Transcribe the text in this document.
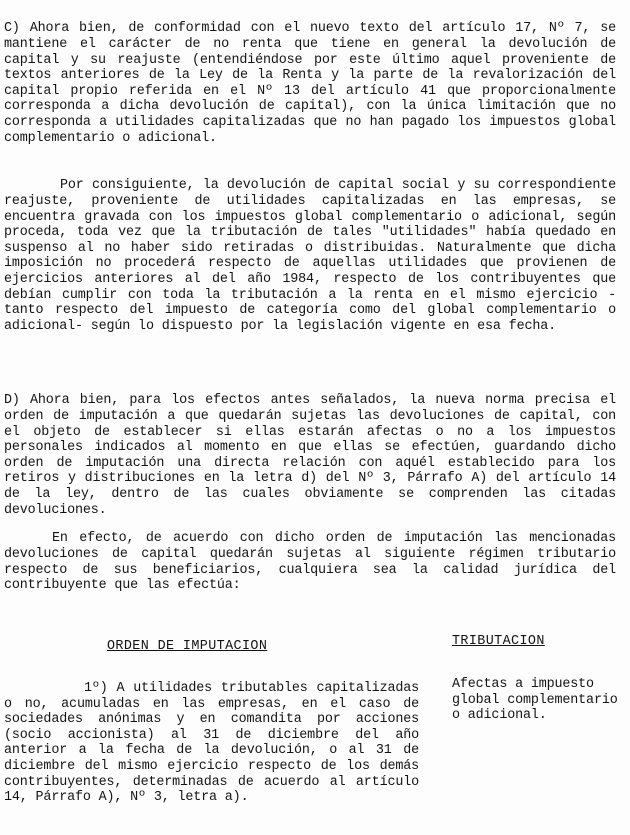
C) Ahora bien, de conformidad con el nuevo texto del artículo 17, Nº 7, se mantiene el carácter de no renta que tiene en general la devolución de capital y su reajuste (entendiéndose por este último aquel proveniente de textos anteriores de la Ley de la Renta y la parte de la revalorización del capital propio referida en el Nº 13 del artículo 41 que proporcionalmente corresponda a dicha devolución de capital), con la única limitación que no corresponda a utilidades capitalizadas que no han pagado los impuestos global complementario o adicional.

Por consiguiente, la devolución de capital social y su correspondiente reajuste, proveniente de utilidades capitalizadas en las empresas, se encuentra gravada con los impuestos global complementario o adicional, según proceda, toda vez que la tributación de tales "utilidades" había quedado en suspenso al no haber sido retiradas o distribuidas. Naturalmente que dicha imposición no procederá respecto de aquellas utilidades que provienen de ejercicios anteriores al del año 1984, respecto de los contribuyentes que debían cumplir con toda la tributación a la renta en el mismo ejercicio -tanto respecto del impuesto de categoría como del global complementario o adicional- según lo dispuesto por la legislación vigente en esa fecha.

D) Ahora bien, para los efectos antes señalados, la nueva norma precisa el orden de imputación a que quedarán sujetas las devoluciones de capital, con el objeto de establecer si ellas estarán afectas o no a los impuestos personales indicados al momento en que ellas se efectúen, guardando dicho orden de imputación una directa relación con aquél establecido para los retiros y distribuciones en la letra d) del Nº 3, Párrafo A) del artículo 14 de la ley, dentro de las cuales obviamente se comprenden las citadas devoluciones.

En efecto, de acuerdo con dicho orden de imputación las mencionadas devoluciones de capital quedarán sujetas al siguiente régimen tributario respecto de sus beneficiarios, cualquiera sea la calidad jurídica del contribuyente que las efectúa:

ORDEN DE IMPUTACION	TRIBUTACION
1º) A utilidades tributables capitalizadas o no, acumuladas en las empresas, en el caso de sociedades anónimas y en comandita por acciones (socio accionista) al 31 de diciembre del año anterior a la fecha de la devolución, o al 31 de diciembre del mismo ejercicio respecto de los demás contribuyentes, determinadas de acuerdo al artículo 14, Párrafo A), Nº 3, letra a).
Afectas a impuesto global complementario o adicional.
